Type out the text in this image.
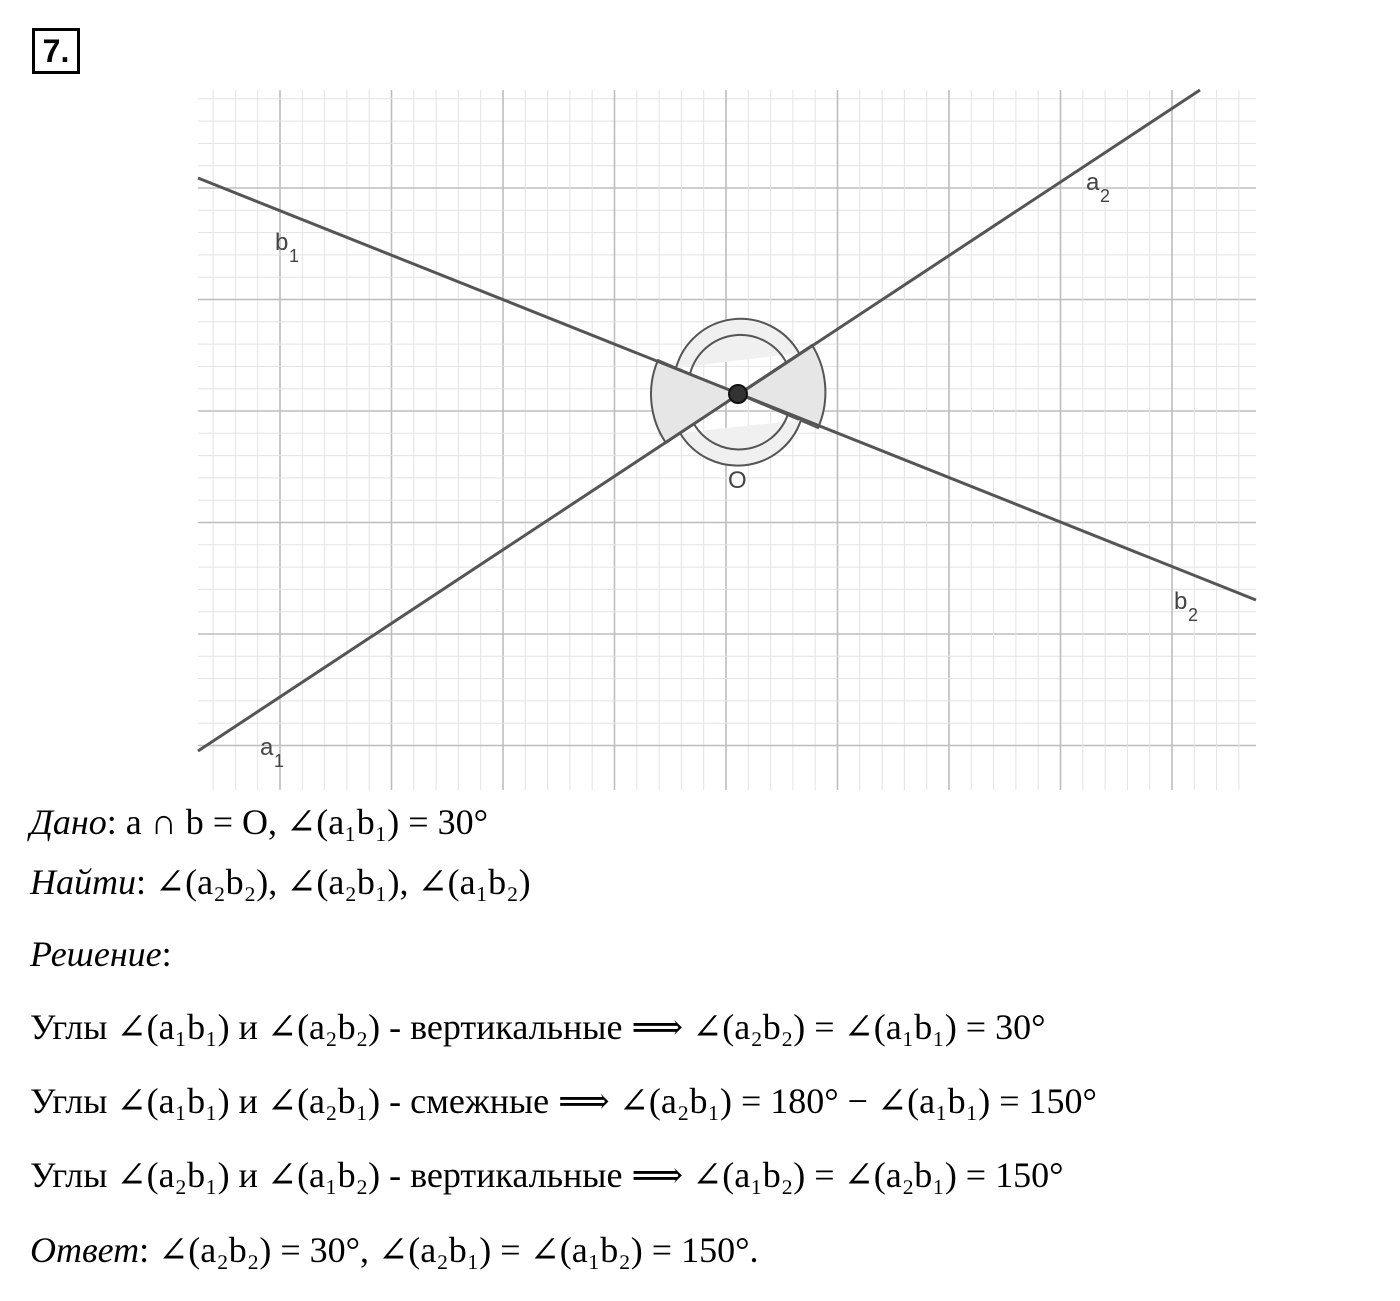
7.
b 1
a 2
b 2
a 1
O
Дано: a ∩ b = O, ∠(a₁b₁) = 30°
Найти: ∠(a₂b₂), ∠(a₂b₁), ∠(a₁b₂)
Решение:
Углы ∠(a₁b₁) и ∠(a₂b₂) - вертикальные ⟹ ∠(a₂b₂) = ∠(a₁b₁) = 30°
Углы ∠(a₁b₁) и ∠(a₂b₁) - смежные ⟹ ∠(a₂b₁) = 180° − ∠(a₁b₁) = 150°
Углы ∠(a₂b₁) и ∠(a₁b₂) - вертикальные ⟹ ∠(a₁b₂) = ∠(a₂b₁) = 150°
Ответ: ∠(a₂b₂) = 30°, ∠(a₂b₁) = ∠(a₁b₂) = 150°.
